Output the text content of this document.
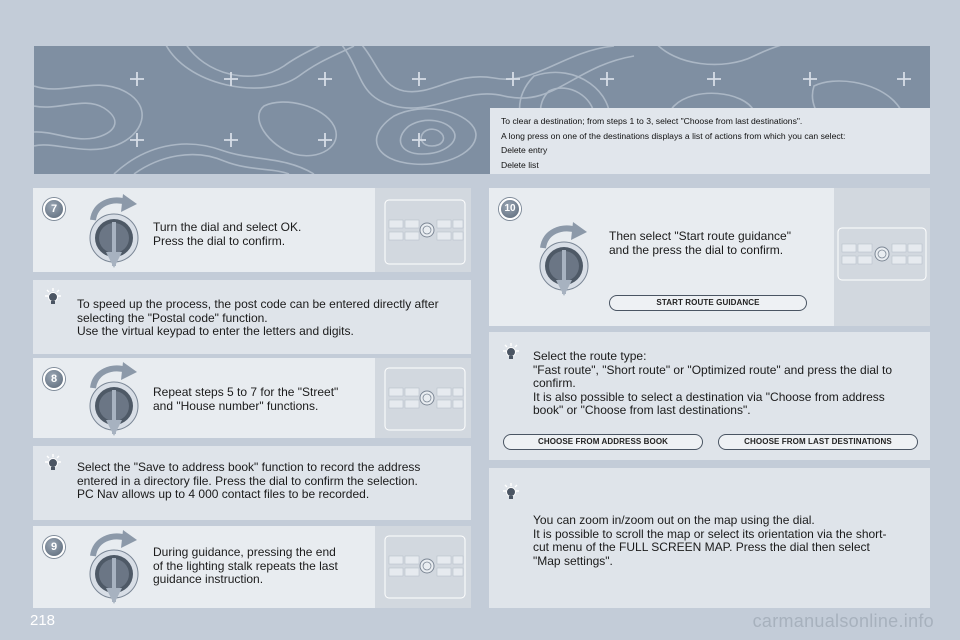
To clear a destination; from steps 1 to 3, select "Choose from last destinations".
A long press on one of the destinations displays a list of actions from which you can select:
Delete entry
Delete list
7
Turn the dial and select OK.
Press the dial to confirm.
To speed up the process, the post code can be entered directly after
selecting the "Postal code" function.
Use the virtual keypad to enter the letters and digits.
8
Repeat steps 5 to 7 for the "Street"
and "House number" functions.
Select the "Save to address book" function to record the address
entered in a directory file. Press the dial to confirm the selection.
PC Nav allows up to 4 000 contact files to be recorded.
9	During guidance, pressing the end
of the lighting stalk repeats the last
guidance instruction.
10
Then select "Start route guidance"
and the press the dial to confirm.
START ROUTE GUIDANCE
Select the route type:
"Fast route", "Short route" or "Optimized route" and press the dial to
confirm.
It is also possible to select a destination via "Choose from address
book" or "Choose from last destinations".
CHOOSE FROM ADDRESS BOOK	CHOOSE FROM LAST DESTINATIONS
You can zoom in/zoom out on the map using the dial.
It is possible to scroll the map or select its orientation via the short-
cut menu of the FULL SCREEN MAP. Press the dial then select
"Map settings".
218	carmanualsonline.info
